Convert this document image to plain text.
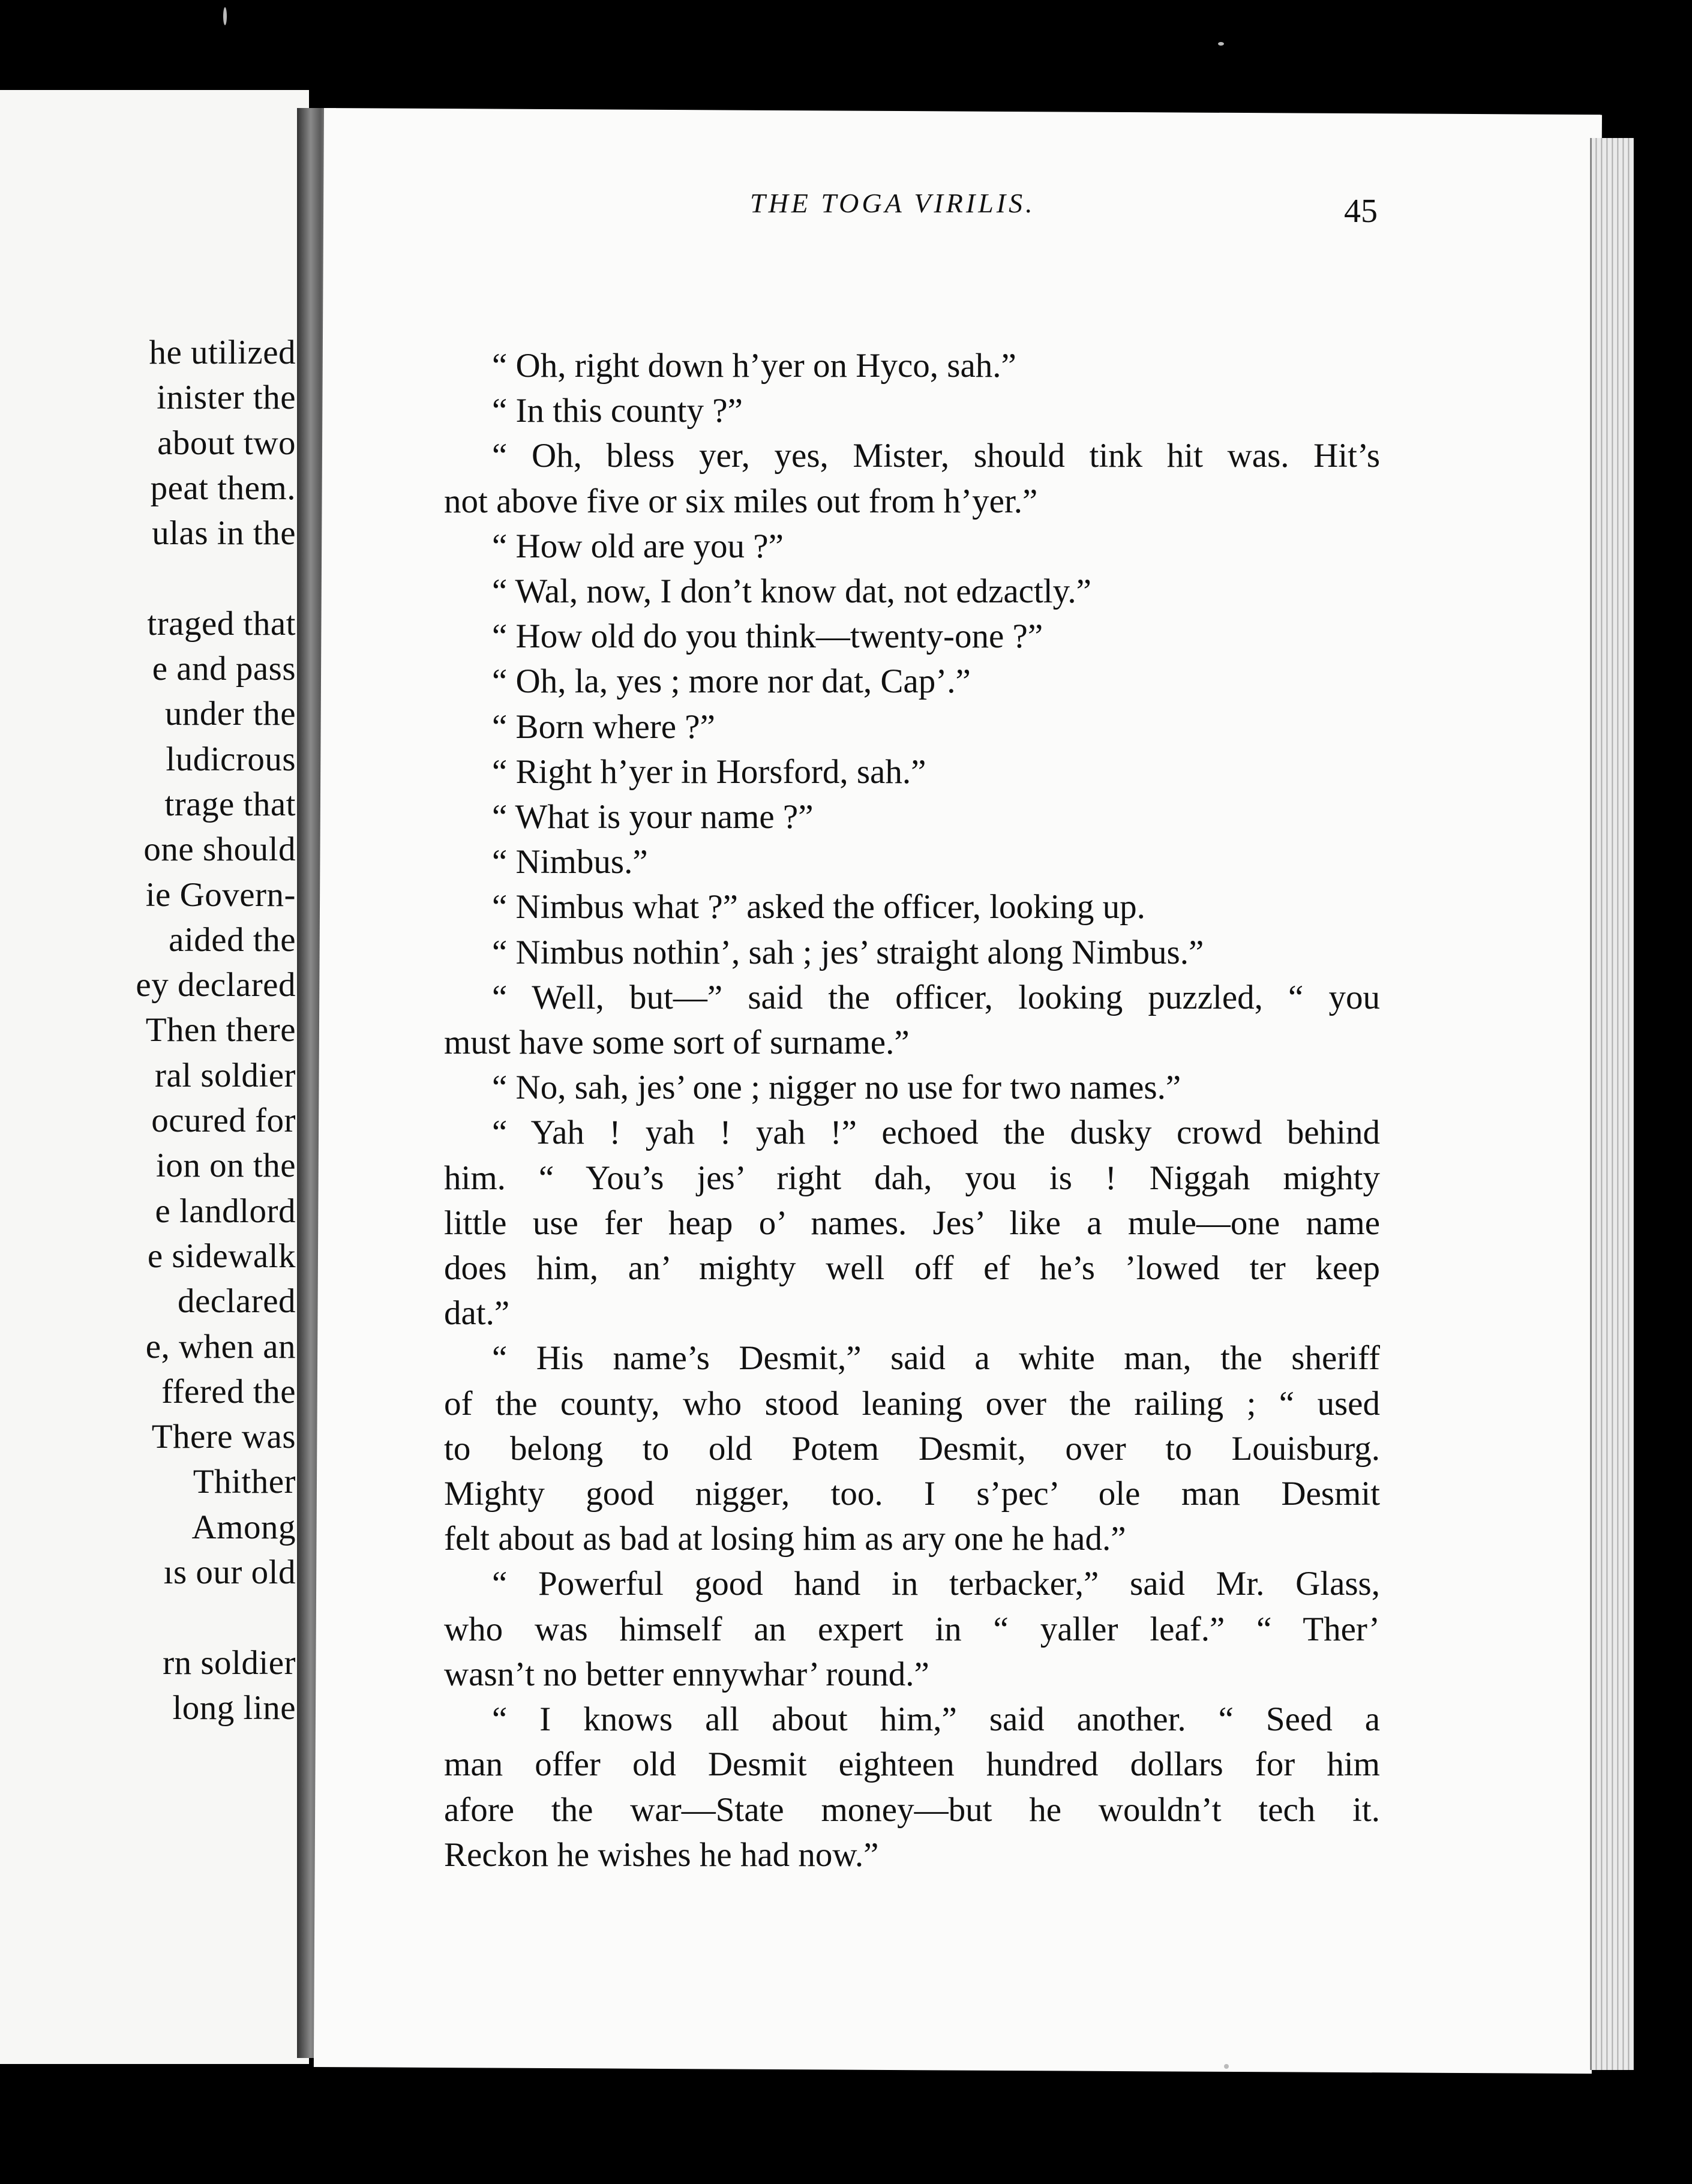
he utilized
inister the
about two
peat them.
ulas in the

traged that
e and pass
under the
ludicrous
trage that
one should
ie Govern-
aided the
ey declared
Then there
ral soldier
ocured for
ion on the
e landlord
e sidewalk
declared
e, when an
ffered the
There was
Thither
Among
ıs our old

rn soldier
long line
THE TOGA VIRILIS.	45
“ Oh, right down h’yer on Hyco, sah.”
“ In this county ?”
“ Oh, bless yer, yes, Mister, should tink hit was. Hit’s
not above five or six miles out from h’yer.”
“ How old are you ?”
“ Wal, now, I don’t know dat, not edzactly.”
“ How old do you think—twenty-one ?”
“ Oh, la, yes ; more nor dat, Cap’.”
“ Born where ?”
“ Right h’yer in Horsford, sah.”
“ What is your name ?”
“ Nimbus.”
“ Nimbus what ?” asked the officer, looking up.
“ Nimbus nothin’, sah ; jes’ straight along Nimbus.”
“ Well, but—” said the officer, looking puzzled, “ you
must have some sort of surname.”
“ No, sah, jes’ one ; nigger no use for two names.”
“ Yah ! yah ! yah !” echoed the dusky crowd behind
him. “ You’s jes’ right dah, you is ! Niggah mighty
little use fer heap o’ names. Jes’ like a mule—one name
does him, an’ mighty well off ef he’s ’lowed ter keep
dat.”
“ His name’s Desmit,” said a white man, the sheriff
of the county, who stood leaning over the railing ; “ used
to belong to old Potem Desmit, over to Louisburg.
Mighty good nigger, too. I s’pec’ ole man Desmit
felt about as bad at losing him as ary one he had.”
“ Powerful good hand in terbacker,” said Mr. Glass,
who was himself an expert in “ yaller leaf.” “ Ther’
wasn’t no better ennywhar’ round.”
“ I knows all about him,” said another. “ Seed a
man offer old Desmit eighteen hundred dollars for him
afore the war—State money—but he wouldn’t tech it.
Reckon he wishes he had now.”
